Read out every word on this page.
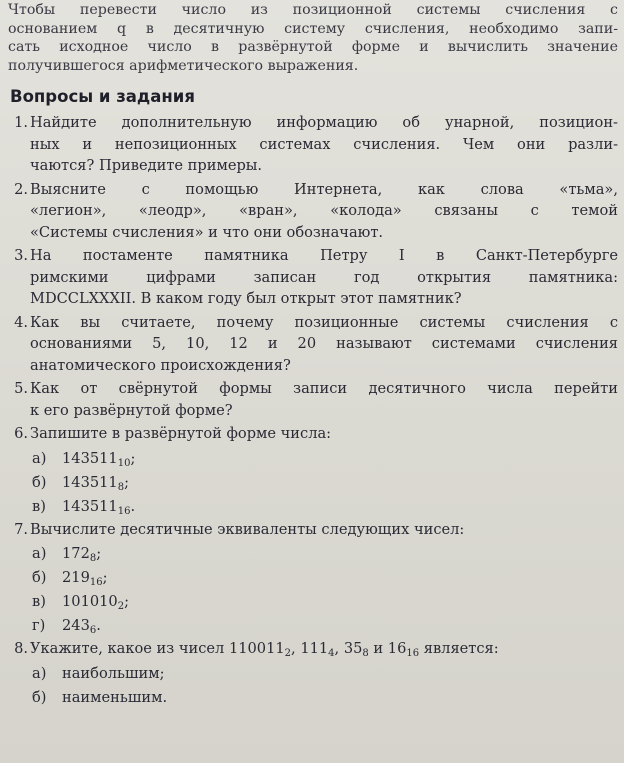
Чтобы перевести число из позиционной системы счисления с
основанием q в десятичную систему счисления, необходимо запи-
сать исходное число в развёрнутой форме и вычислить значение
получившегося арифметического выражения.
Вопросы и задания
1. Найдите дополнительную информацию об унарной, позицион-
ных и непозиционных системах счисления. Чем они разли-
чаются? Приведите примеры.
2. Выясните с помощью Интернета, как слова «тьма»,
«легион», «леодр», «вран», «колода» связаны с темой
«Системы счисления» и что они обозначают.
3. На постаменте памятника Петру I в Санкт-Петербурге
римскими цифрами записан год открытия памятника:
MDCCLXXXII. В каком году был открыт этот памятник?
4. Как вы считаете, почему позиционные системы счисления с
основаниями 5, 10, 12 и 20 называют системами счисления
анатомического происхождения?
5. Как от свёрнутой формы записи десятичного числа перейти
к его развёрнутой форме?
6. Запишите в развёрнутой форме числа:
а) $143511_{10}$;
б) $143511_8$;
в) $143511_{16}$.
7. Вычислите десятичные эквиваленты следующих чисел:
а) $172_8$;
б) $219_{16}$;
в) $101010_2$;
г) $243_6$.
8. Укажите, какое из чисел $110011_2$, $111_4$, $35_8$ и $16_{16}$ является:
а) наибольшим;
б) наименьшим.
